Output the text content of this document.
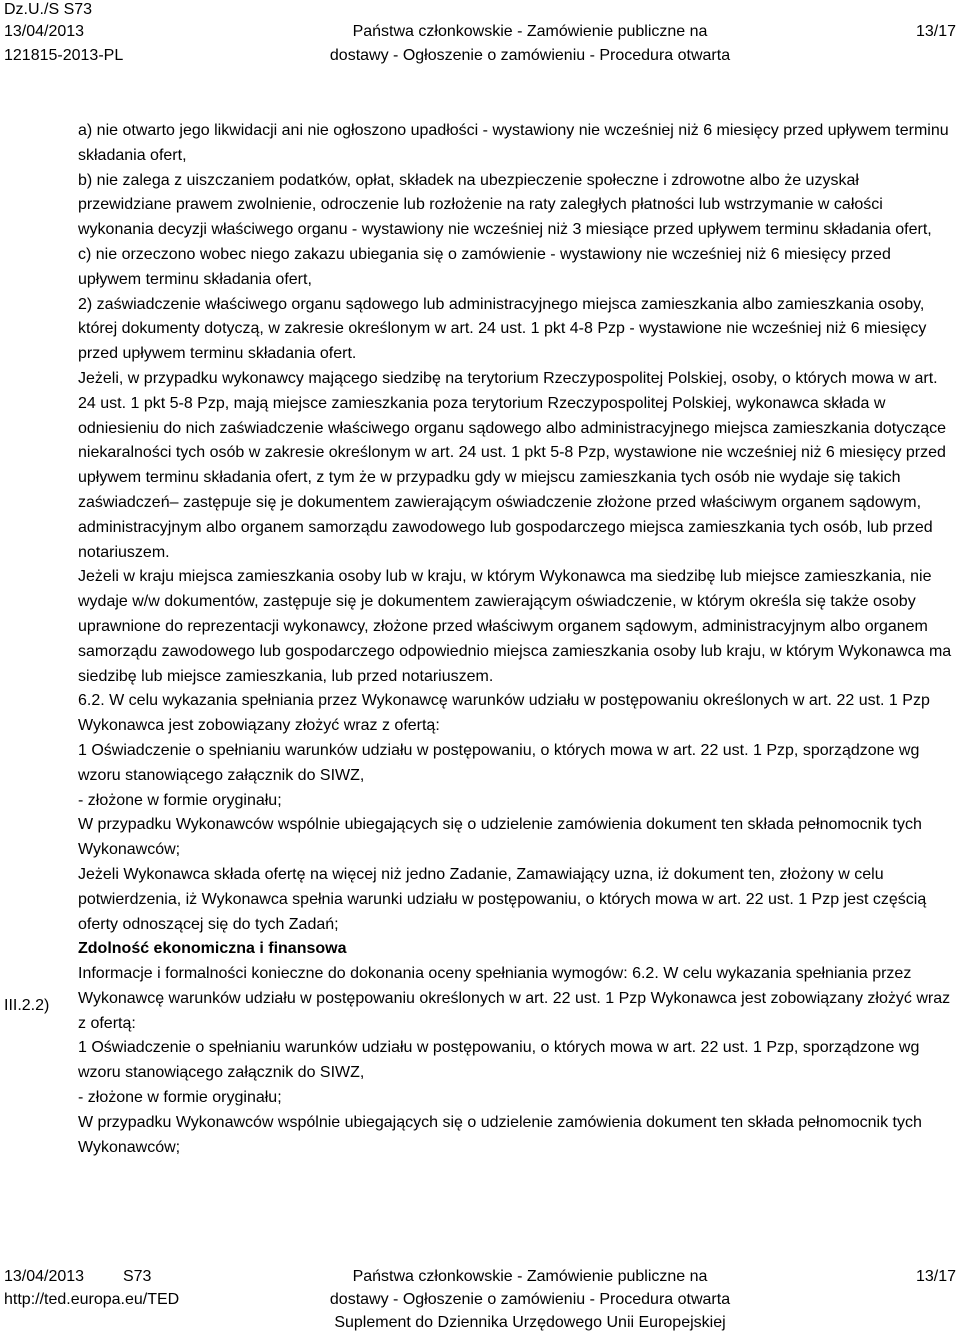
Dz.U./S S73
13/04/2013
121815-2013-PL
Państwa członkowskie - Zamówienie publiczne na
dostawy - Ogłoszenie o zamówieniu - Procedura otwarta
13/17
III.2.2)

a) nie otwarto jego likwidacji ani nie ogłoszono upadłości - wystawiony nie wcześniej niż 6 miesięcy przed upływem terminu składania ofert,

b) nie zalega z uiszczaniem podatków, opłat, składek na ubezpieczenie społeczne i zdrowotne albo że uzyskał przewidziane prawem zwolnienie, odroczenie lub rozłożenie na raty zaległych płatności lub wstrzymanie w całości wykonania decyzji właściwego organu - wystawiony nie wcześniej niż 3 miesiące przed upływem terminu składania ofert,

c) nie orzeczono wobec niego zakazu ubiegania się o zamówienie - wystawiony nie wcześniej niż 6 miesięcy przed upływem terminu składania ofert,

2) zaświadczenie właściwego organu sądowego lub administracyjnego miejsca zamieszkania albo zamieszkania osoby, której dokumenty dotyczą, w zakresie określonym w art. 24 ust. 1 pkt 4-8 Pzp - wystawione nie wcześniej niż 6 miesięcy przed upływem terminu składania ofert.

Jeżeli, w przypadku wykonawcy mającego siedzibę na terytorium Rzeczypospolitej Polskiej, osoby, o których mowa w art. 24 ust. 1 pkt 5-8 Pzp, mają miejsce zamieszkania poza terytorium Rzeczypospolitej Polskiej, wykonawca składa w odniesieniu do nich zaświadczenie właściwego organu sądowego albo administracyjnego miejsca zamieszkania dotyczące niekaralności tych osób w zakresie określonym w art. 24 ust. 1 pkt 5-8 Pzp, wystawione nie wcześniej niż 6 miesięcy przed upływem terminu składania ofert, z tym że w przypadku gdy w miejscu zamieszkania tych osób nie wydaje się takich zaświadczeń– zastępuje się je dokumentem zawierającym oświadczenie złożone przed właściwym organem sądowym, administracyjnym albo organem samorządu zawodowego lub gospodarczego miejsca zamieszkania tych osób, lub przed notariuszem.

Jeżeli w kraju miejsca zamieszkania osoby lub w kraju, w którym Wykonawca ma siedzibę lub miejsce zamieszkania, nie wydaje w/w dokumentów, zastępuje się je dokumentem zawierającym oświadczenie, w którym określa się także osoby uprawnione do reprezentacji wykonawcy, złożone przed właściwym organem sądowym, administracyjnym albo organem samorządu zawodowego lub gospodarczego odpowiednio miejsca zamieszkania osoby lub kraju, w którym Wykonawca ma siedzibę lub miejsce zamieszkania, lub przed notariuszem.

6.2. W celu wykazania spełniania przez Wykonawcę warunków udziału w postępowaniu określonych w art. 22 ust. 1 Pzp Wykonawca jest zobowiązany złożyć wraz z ofertą:

1 Oświadczenie o spełnianiu warunków udziału w postępowaniu, o których mowa w art. 22 ust. 1 Pzp, sporządzone wg wzoru stanowiącego załącznik do SIWZ,

- złożone w formie oryginału;

W przypadku Wykonawców wspólnie ubiegających się o udzielenie zamówienia dokument ten składa pełnomocnik tych Wykonawców;

Jeżeli Wykonawca składa ofertę na więcej niż jedno Zadanie, Zamawiający uzna, iż dokument ten, złożony w celu potwierdzenia, iż Wykonawca spełnia warunki udziału w postępowaniu, o których mowa w art. 22 ust. 1 Pzp jest częścią oferty odnoszącej się do tych Zadań;

Zdolność ekonomiczna i finansowa

Informacje i formalności konieczne do dokonania oceny spełniania wymogów: 6.2. W celu wykazania spełniania przez Wykonawcę warunków udziału w postępowaniu określonych w art. 22 ust. 1 Pzp Wykonawca jest zobowiązany złożyć wraz z ofertą:

1 Oświadczenie o spełnianiu warunków udziału w postępowaniu, o których mowa w art. 22 ust. 1 Pzp, sporządzone wg wzoru stanowiącego załącznik do SIWZ,

- złożone w formie oryginału;

W przypadku Wykonawców wspólnie ubiegających się o udzielenie zamówienia dokument ten składa pełnomocnik tych Wykonawców;

13/04/2013 S73
http://ted.europa.eu/TED
Państwa członkowskie - Zamówienie publiczne na
dostawy - Ogłoszenie o zamówieniu - Procedura otwarta
Suplement do Dziennika Urzędowego Unii Europejskiej
13/17
